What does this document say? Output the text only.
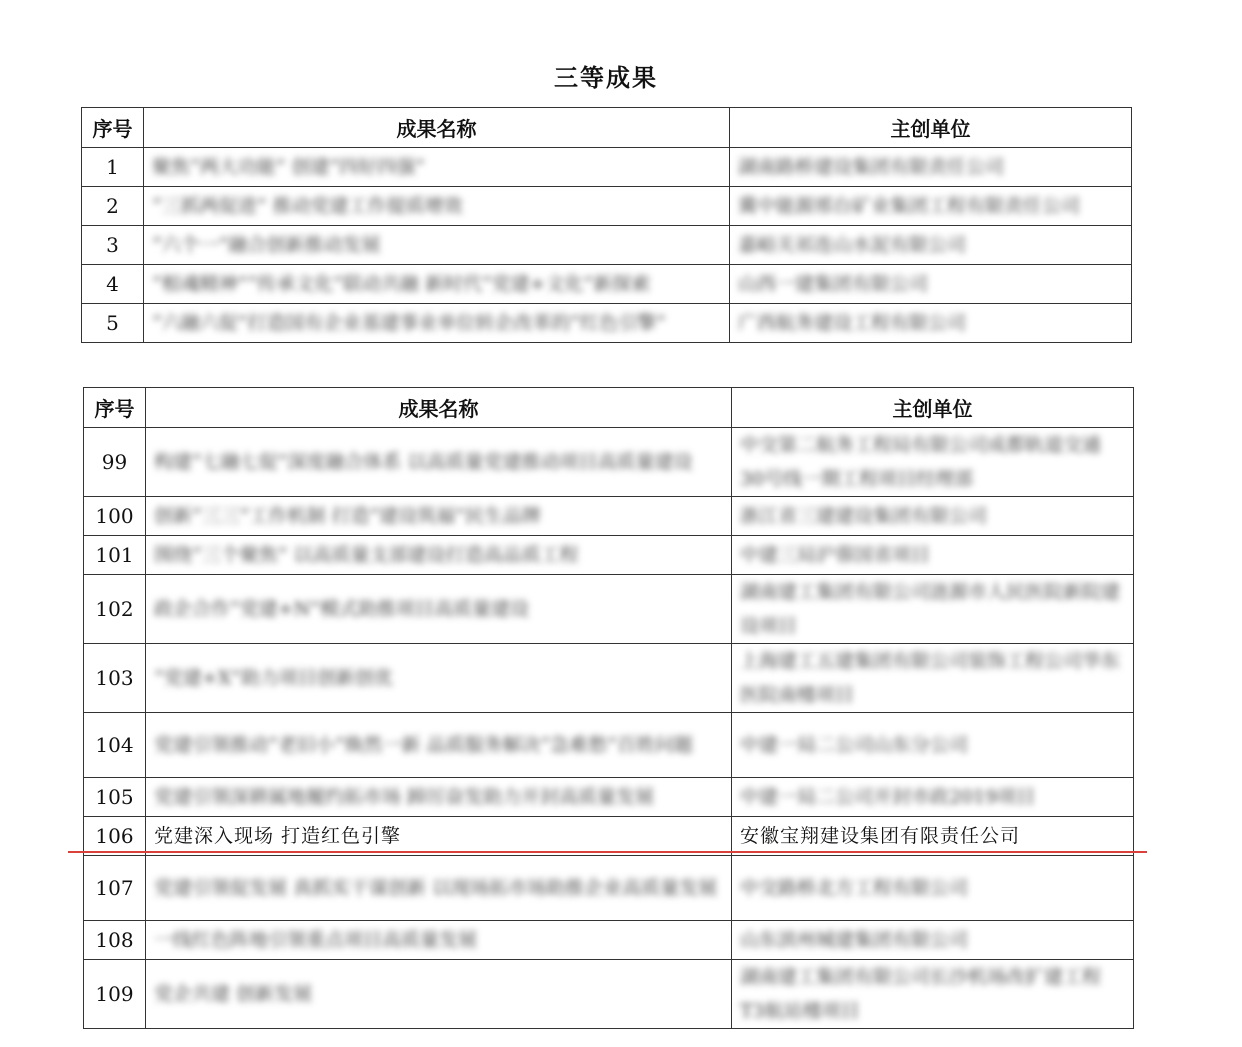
三等成果
序号	成果名称	主创单位
1	聚焦“两大功能” 创建“四好四强”	湖南路桥建设集团有限责任公司

2	“三抓两促进” 推动党建工作提质增效	冀中能源邢台矿业集团工程有限责任公司

3	“六个一”融合创新推动发展	嘉峪关祁连山水泥有限公司

4	“根魂精神”“传承文化”联动共融 新时代“党建+文化”新探索	山西一建集团有限公司

5	“六融六促”打造国有企业基建事业单位转企改革的“红色引擎”	广西航务建设工程有限公司
序号	成果名称	主创单位
99	构建“七融七促”深度融合体系 以高质量党建推动项目高质量建设	中交第二航务工程局有限公司成都轨道交通30号线一期工程项目经理部

100	创新“三三”工作机制 打造“建设筑福”民生品牌	浙江省三建建设集团有限公司

101	围绕“三个聚焦” 以高质量支部建设打造高品质工程	中建三局沪蓉国省项目

102	政企合作“党建+N”模式助推项目高质量建设	湖南建工集团有限公司涟源市人民医院新院建设项目

103	“党建+X”助力项目创新创优	上海建工五建集团有限公司装饰工程公司华东医院南楼项目

104	党建引领推动“老旧小”焕然一新 品质服务解决“急难愁”百姓问题	中建一局二公司山东分公司

105	党建引领深耕属地履约拓市场 踔厉奋发助力开封高质量发展	中建一局二公司开封市政2019项目

106	党建深入现场 打造红色引擎	安徽宝翔建设集团有限责任公司
107	党建引领促发展 真抓实干谋创新 以现场拓市场助推企业高质量发展	中交路桥北方工程有限公司

108	一线红色阵地引领重点项目高质量发展	山东滨州城建集团有限公司

109	党企共建 创新发展	湖南建工集团有限公司长沙机场改扩建工程T3航站楼项目
